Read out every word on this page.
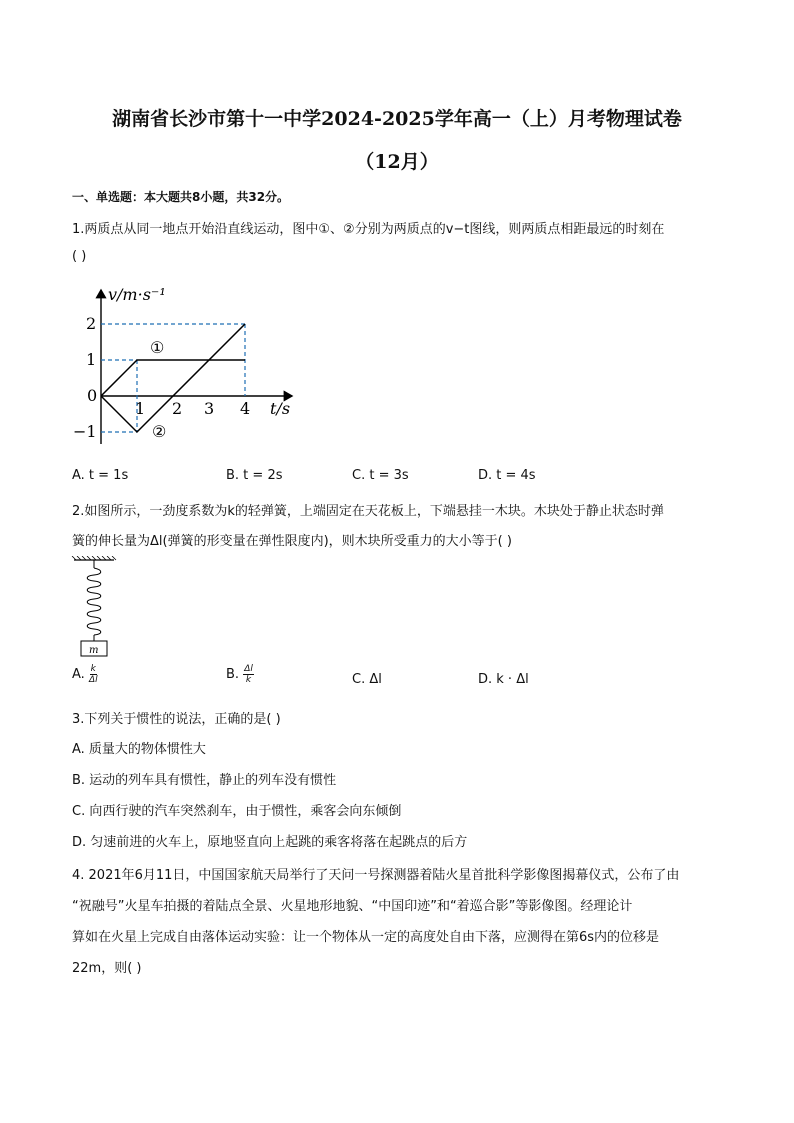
湖南省长沙市第十一中学2024-2025学年高一（上）月考物理试卷
（12月）
一、单选题：本大题共8小题，共32分。
1.两质点从同一地点开始沿直线运动，图中①、②分别为两质点的v−t图线，则两质点相距最远的时刻在
( )
v/m·s⁻¹
t/s
0
1 2 3 4
2
1
−1
①
②
A. t = 1s	B. t = 2s	C. t = 3s	D. t = 4s
2.如图所示，一劲度系数为k的轻弹簧，上端固定在天花板上，下端悬挂一木块。木块处于静止状态时弹
簧的伸长量为Δl(弹簧的形变量在弹性限度内)，则木块所受重力的大小等于( )
m
A. $\frac{k}{\Delta l}$	B. $\frac{\Delta l}{k}$	C. Δl	D. k · Δl
3.下列关于惯性的说法，正确的是( )
A. 质量大的物体惯性大
B. 运动的列车具有惯性，静止的列车没有惯性
C. 向西行驶的汽车突然刹车，由于惯性，乘客会向东倾倒
D. 匀速前进的火车上，原地竖直向上起跳的乘客将落在起跳点的后方
4. 2021年6月11日，中国国家航天局举行了天问一号探测器着陆火星首批科学影像图揭幕仪式，公布了由
“祝融号”火星车拍摄的着陆点全景、火星地形地貌、“中国印迹”和“着巡合影”等影像图。经理论计
算如在火星上完成自由落体运动实验：让一个物体从一定的高度处自由下落，应测得在第6s内的位移是
22m，则( )
